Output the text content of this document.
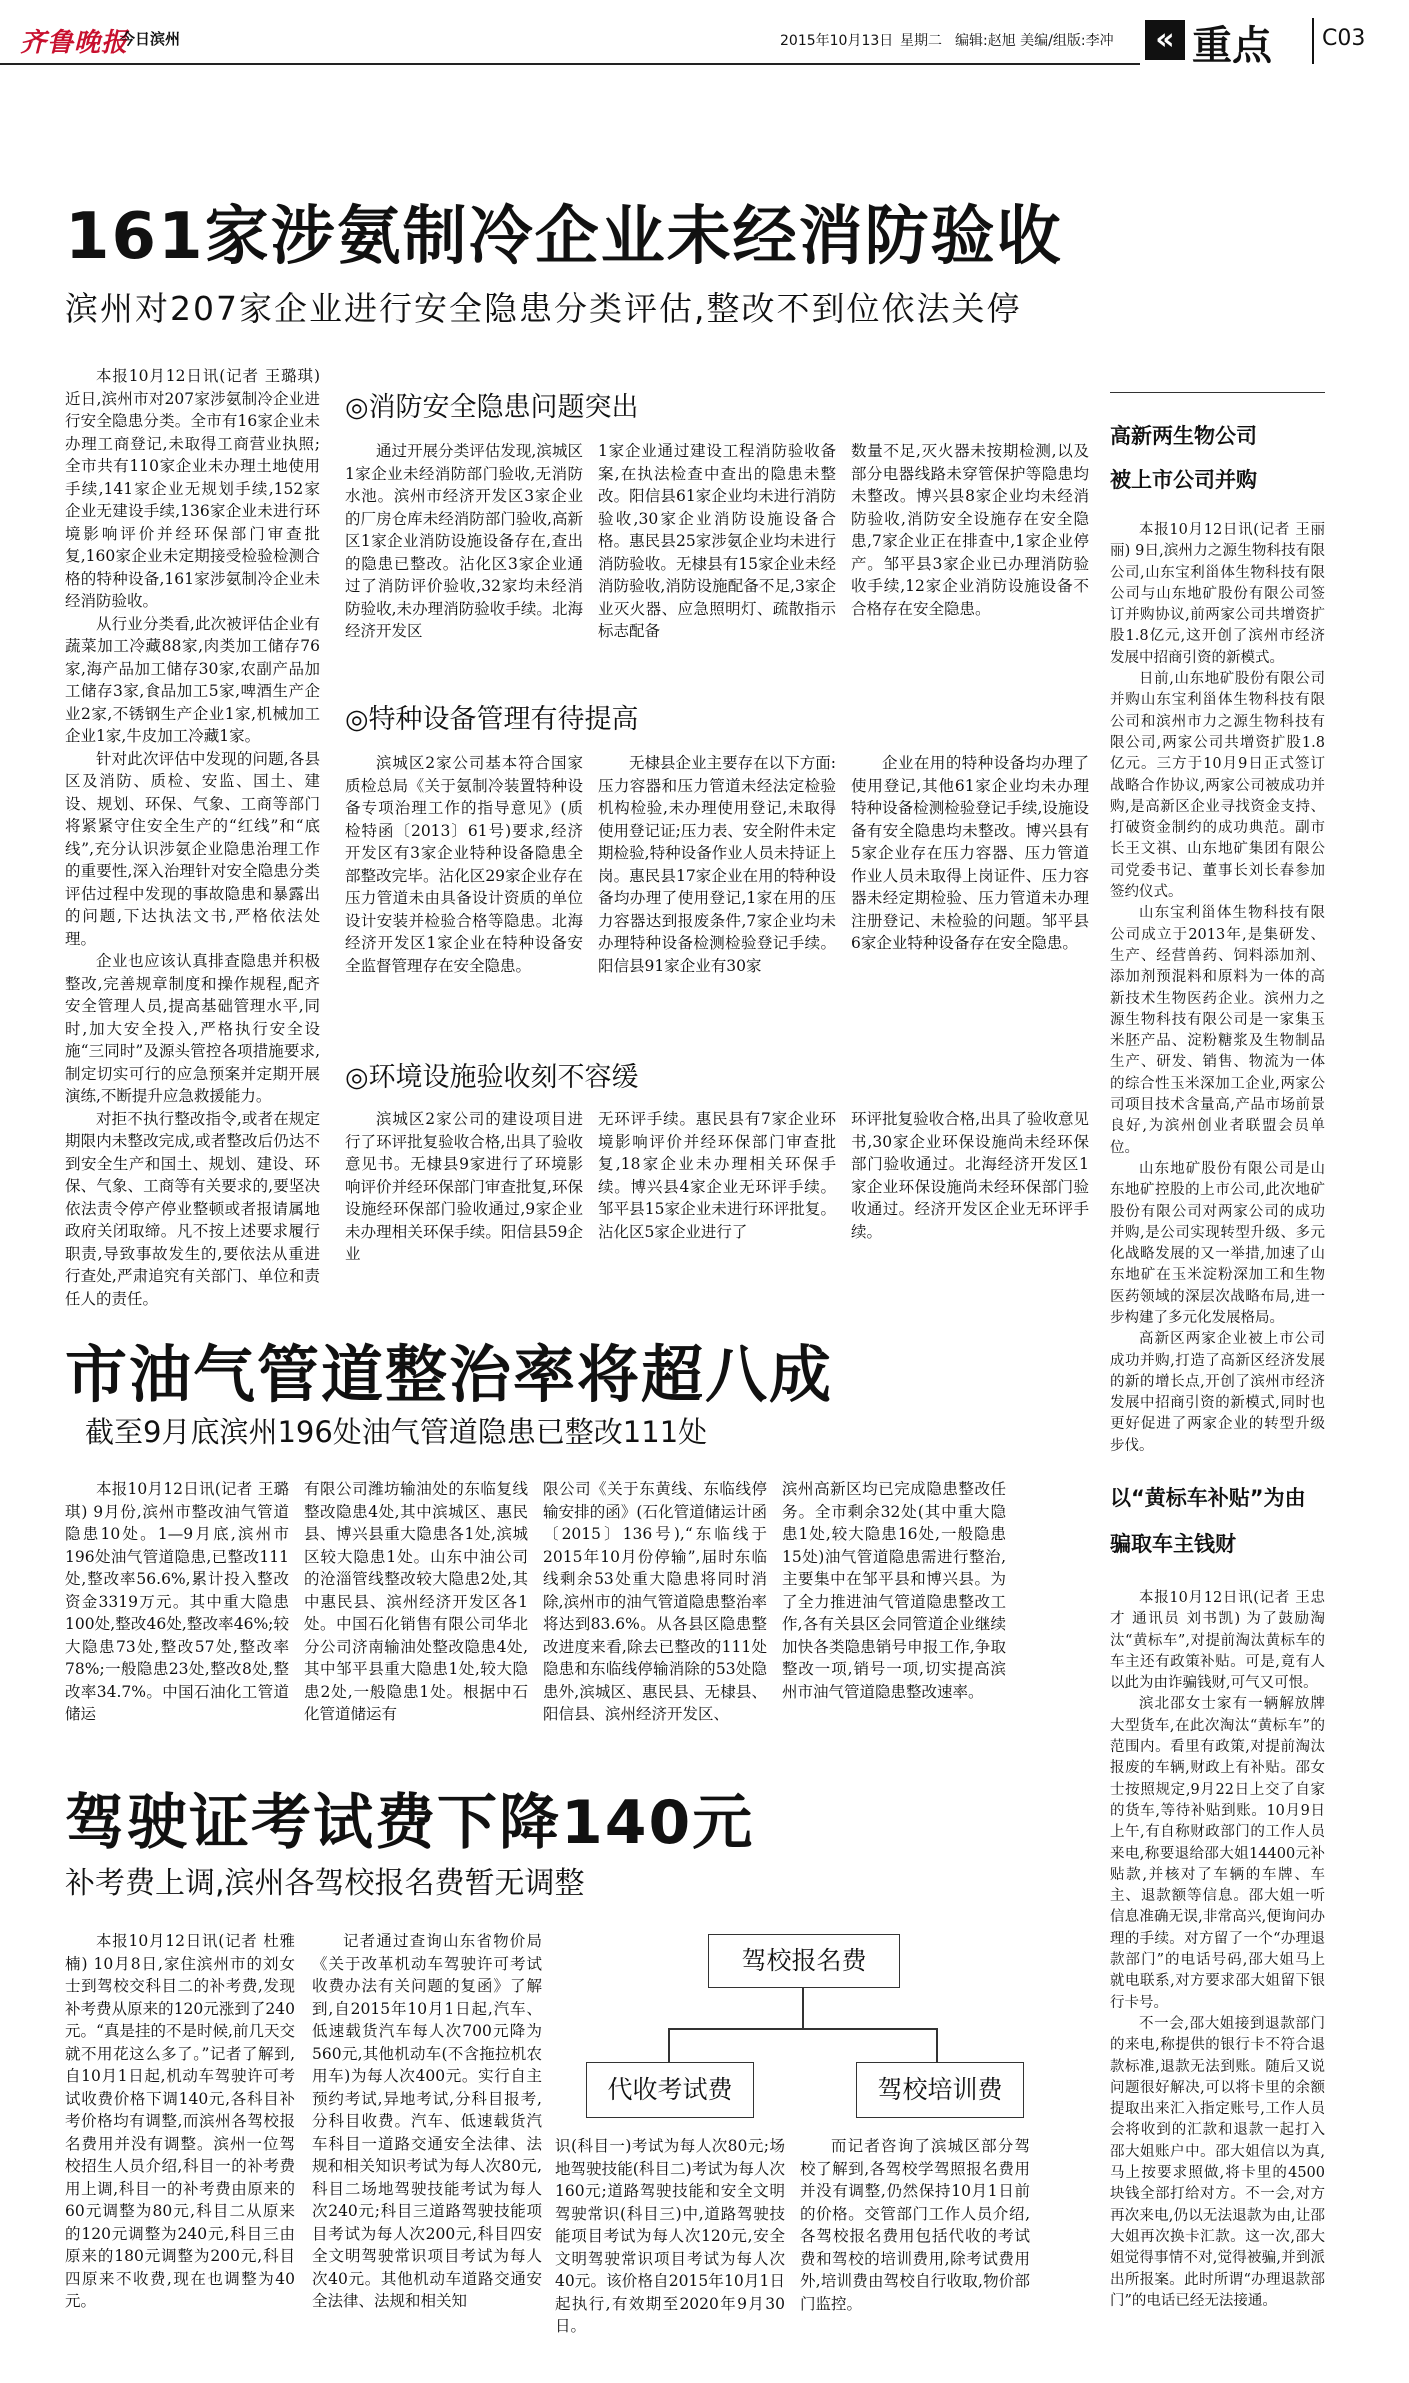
齐鲁晚报
今日滨州	2015年10月13日 星期二 编辑:赵旭 美编/组版:李冲	« 重点 C03
161家涉氨制冷企业未经消防验收
滨州对207家企业进行安全隐患分类评估,整改不到位依法关停

本报10月12日讯(记者 王璐琪) 近日,滨州市对207家涉氨制冷企业进行安全隐患分类。全市有16家企业未办理工商登记,未取得工商营业执照;全市共有110家企业未办理土地使用手续,141家企业无规划手续,152家企业无建设手续,136家企业未进行环境影响评价并经环保部门审查批复,160家企业未定期接受检验检测合格的特种设备,161家涉氨制冷企业未经消防验收。

从行业分类看,此次被评估企业有蔬菜加工冷藏88家,肉类加工储存76家,海产品加工储存30家,农副产品加工储存3家,食品加工5家,啤酒生产企业2家,不锈钢生产企业1家,机械加工企业1家,牛皮加工冷藏1家。

针对此次评估中发现的问题,各县区及消防、质检、安监、国土、建设、规划、环保、气象、工商等部门将紧紧守住安全生产的“红线”和“底线”,充分认识涉氨企业隐患治理工作的重要性,深入治理针对安全隐患分类评估过程中发现的事故隐患和暴露出的问题,下达执法文书,严格依法处理。

企业也应该认真排查隐患并积极整改,完善规章制度和操作规程,配齐安全管理人员,提高基础管理水平,同时,加大安全投入,严格执行安全设施“三同时”及源头管控各项措施要求,制定切实可行的应急预案并定期开展演练,不断提升应急救援能力。

对拒不执行整改指令,或者在规定期限内未整改完成,或者整改后仍达不到安全生产和国土、规划、建设、环保、气象、工商等有关要求的,要坚决依法责令停产停业整顿或者报请属地政府关闭取缔。凡不按上述要求履行职责,导致事故发生的,要依法从重进行查处,严肃追究有关部门、单位和责任人的责任。

◎消防安全隐患问题突出

通过开展分类评估发现,滨城区1家企业未经消防部门验收,无消防水池。滨州市经济开发区3家企业的厂房仓库未经消防部门验收,高新区1家企业消防设施设备存在,查出的隐患已整改。沾化区3家企业通过了消防评价验收,32家均未经消防验收,未办理消防验收手续。北海经济开发区

1家企业通过建设工程消防验收备案,在执法检查中查出的隐患未整改。阳信县61家企业均未进行消防验收,30家企业消防设施设备合格。惠民县25家涉氨企业均未进行消防验收。无棣县有15家企业未经消防验收,消防设施配备不足,3家企业灭火器、应急照明灯、疏散指示标志配备

数量不足,灭火器未按期检测,以及部分电器线路未穿管保护等隐患均未整改。博兴县8家企业均未经消防验收,消防安全设施存在安全隐患,7家企业正在排查中,1家企业停产。邹平县3家企业已办理消防验收手续,12家企业消防设施设备不合格存在安全隐患。

◎特种设备管理有待提高

滨城区2家公司基本符合国家质检总局《关于氨制冷装置特种设备专项治理工作的指导意见》(质检特函〔2013〕61号)要求,经济开发区有3家企业特种设备隐患全部整改完毕。沾化区29家企业存在压力管道未由具备设计资质的单位设计安装并检验合格等隐患。北海经济开发区1家企业在特种设备安全监督管理存在安全隐患。

无棣县企业主要存在以下方面:压力容器和压力管道未经法定检验机构检验,未办理使用登记,未取得使用登记证;压力表、安全附件未定期检验,特种设备作业人员未持证上岗。惠民县17家企业在用的特种设备均办理了使用登记,1家在用的压力容器达到报废条件,7家企业均未办理特种设备检测检验登记手续。阳信县91家企业有30家

企业在用的特种设备均办理了使用登记,其他61家企业均未办理特种设备检测检验登记手续,设施设备有安全隐患均未整改。博兴县有5家企业存在压力容器、压力管道作业人员未取得上岗证件、压力容器未经定期检验、压力管道未办理注册登记、未检验的问题。邹平县6家企业特种设备存在安全隐患。

◎环境设施验收刻不容缓

滨城区2家公司的建设项目进行了环评批复验收合格,出具了验收意见书。无棣县9家进行了环境影响评价并经环保部门审查批复,环保设施经环保部门验收通过,9家企业未办理相关环保手续。阳信县59企业

无环评手续。惠民县有7家企业环境影响评价并经环保部门审查批复,18家企业未办理相关环保手续。博兴县4家企业无环评手续。邹平县15家企业未进行环评批复。沾化区5家企业进行了

环评批复验收合格,出具了验收意见书,30家企业环保设施尚未经环保部门验收通过。北海经济开发区1家企业环保设施尚未经环保部门验收通过。经济开发区企业无环评手续。

高新两生物公司
被上市公司并购

本报10月12日讯(记者 王丽丽) 9日,滨州力之源生物科技有限公司,山东宝利甾体生物科技有限公司与山东地矿股份有限公司签订并购协议,前两家公司共增资扩股1.8亿元,这开创了滨州市经济发展中招商引资的新模式。

日前,山东地矿股份有限公司并购山东宝利甾体生物科技有限公司和滨州市力之源生物科技有限公司,两家公司共增资扩股1.8亿元。三方于10月9日正式签订战略合作协议,两家公司被成功并购,是高新区企业寻找资金支持、打破资金制约的成功典范。副市长王文祺、山东地矿集团有限公司党委书记、董事长刘长春参加签约仪式。

山东宝利甾体生物科技有限公司成立于2013年,是集研发、生产、经营兽药、饲料添加剂、添加剂预混料和原料为一体的高新技术生物医药企业。滨州力之源生物科技有限公司是一家集玉米胚产品、淀粉糖浆及生物制品生产、研发、销售、物流为一体的综合性玉米深加工企业,两家公司项目技术含量高,产品市场前景良好,为滨州创业者联盟会员单位。

山东地矿股份有限公司是山东地矿控股的上市公司,此次地矿股份有限公司对两家公司的成功并购,是公司实现转型升级、多元化战略发展的又一举措,加速了山东地矿在玉米淀粉深加工和生物医药领域的深层次战略布局,进一步构建了多元化发展格局。

高新区两家企业被上市公司成功并购,打造了高新区经济发展的新的增长点,开创了滨州市经济发展中招商引资的新模式,同时也更好促进了两家企业的转型升级步伐。

市油气管道整治率将超八成
截至9月底滨州196处油气管道隐患已整改111处

本报10月12日讯(记者 王璐琪) 9月份,滨州市整改油气管道隐患10处。1—9月底,滨州市196处油气管道隐患,已整改111处,整改率56.6%,累计投入整改资金3319万元。其中重大隐患100处,整改46处,整改率46%;较大隐患73处,整改57处,整改率78%;一般隐患23处,整改8处,整改率34.7%。中国石油化工管道储运

有限公司潍坊输油处的东临复线整改隐患4处,其中滨城区、惠民县、博兴县重大隐患各1处,滨城区较大隐患1处。山东中油公司的沧淄管线整改较大隐患2处,其中惠民县、滨州经济开发区各1处。中国石化销售有限公司华北分公司济南输油处整改隐患4处,其中邹平县重大隐患1处,较大隐患2处,一般隐患1处。根据中石化管道储运有

限公司《关于东黄线、东临线停输安排的函》(石化管道储运计函〔2015〕136号),“东临线于2015年10月份停输”,届时东临线剩余53处重大隐患将同时消除,滨州市的油气管道隐患整治率将达到83.6%。从各县区隐患整改进度来看,除去已整改的111处隐患和东临线停输消除的53处隐患外,滨城区、惠民县、无棣县、阳信县、滨州经济开发区、

滨州高新区均已完成隐患整改任务。全市剩余32处(其中重大隐患1处,较大隐患16处,一般隐患15处)油气管道隐患需进行整治,主要集中在邹平县和博兴县。为了全力推进油气管道隐患整改工作,各有关县区会同管道企业继续加快各类隐患销号申报工作,争取整改一项,销号一项,切实提高滨州市油气管道隐患整改速率。

以“黄标车补贴”为由
骗取车主钱财

本报10月12日讯(记者 王忠才 通讯员 刘书凯) 为了鼓励淘汰“黄标车”,对提前淘汰黄标车的车主还有政策补贴。可是,竟有人以此为由诈骗钱财,可气又可恨。

滨北邵女士家有一辆解放牌大型货车,在此次淘汰“黄标车”的范围内。看里有政策,对提前淘汰报废的车辆,财政上有补贴。邵女士按照规定,9月22日上交了自家的货车,等待补贴到账。10月9日上午,有自称财政部门的工作人员来电,称要退给邵大姐14400元补贴款,并核对了车辆的车牌、车主、退款额等信息。邵大姐一听信息准确无误,非常高兴,便询问办理的手续。对方留了一个“办理退款部门”的电话号码,邵大姐马上就电联系,对方要求邵大姐留下银行卡号。

不一会,邵大姐接到退款部门的来电,称提供的银行卡不符合退款标准,退款无法到账。随后又说问题很好解决,可以将卡里的余额提取出来汇入指定账号,工作人员会将收到的汇款和退款一起打入邵大姐账户中。邵大姐信以为真,马上按要求照做,将卡里的4500块钱全部打给对方。不一会,对方再次来电,仍以无法退款为由,让邵大姐再次换卡汇款。这一次,邵大姐觉得事情不对,觉得被骗,并到派出所报案。此时所谓“办理退款部门”的电话已经无法接通。

驾驶证考试费下降140元
补考费上调,滨州各驾校报名费暂无调整

本报10月12日讯(记者 杜雅楠) 10月8日,家住滨州市的刘女士到驾校交科目二的补考费,发现补考费从原来的120元涨到了240元。“真是挂的不是时候,前几天交就不用花这么多了。”记者了解到,自10月1日起,机动车驾驶许可考试收费价格下调140元,各科目补考价格均有调整,而滨州各驾校报名费用并没有调整。滨州一位驾校招生人员介绍,科目一的补考费用上调,科目一的补考费由原来的60元调整为80元,科目二从原来的120元调整为240元,科目三由原来的180元调整为200元,科目四原来不收费,现在也调整为40元。

记者通过查询山东省物价局《关于改革机动车驾驶许可考试收费办法有关问题的复函》了解到,自2015年10月1日起,汽车、低速载货汽车每人次700元降为560元,其他机动车(不含拖拉机农用车)为每人次400元。实行自主预约考试,异地考试,分科目报考,分科目收费。汽车、低速载货汽车科目一道路交通安全法律、法规和相关知识考试为每人次80元,科目二场地驾驶技能考试为每人次240元;科目三道路驾驶技能项目考试为每人次200元,科目四安全文明驾驶常识项目考试为每人次40元。其他机动车道路交通安全法律、法规和相关知

识(科目一)考试为每人次80元;场地驾驶技能(科目二)考试为每人次160元;道路驾驶技能和安全文明驾驶常识(科目三)中,道路驾驶技能项目考试为每人次120元,安全文明驾驶常识项目考试为每人次40元。该价格自2015年10月1日起执行,有效期至2020年9月30日。

而记者咨询了滨城区部分驾校了解到,各驾校学驾照报名费用并没有调整,仍然保持10月1日前的价格。交管部门工作人员介绍,各驾校报名费用包括代收的考试费和驾校的培训费用,除考试费用外,培训费由驾校自行收取,物价部门监控。

驾校报名费
代收考试费	驾校培训费
